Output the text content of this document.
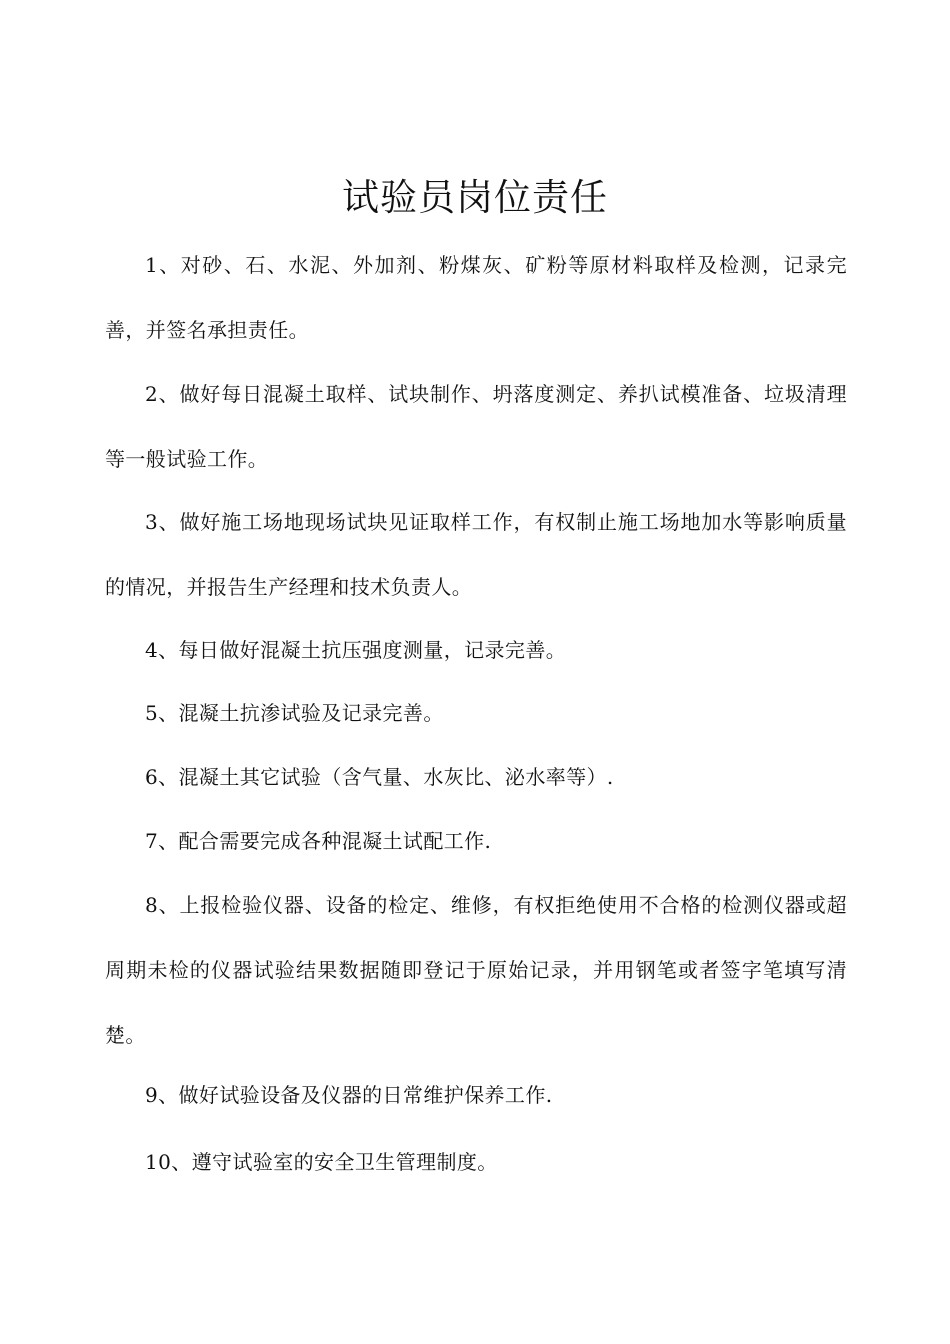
试验员岗位责任

1、对砂、石、水泥、外加剂、粉煤灰、矿粉等原材料取样及检测，记录完善，并签名承担责任。

2、做好每日混凝土取样、试块制作、坍落度测定、养扒试模准备、垃圾清理等一般试验工作。

3、做好施工场地现场试块见证取样工作，有权制止施工场地加水等影响质量的情况，并报告生产经理和技术负责人。

4、每日做好混凝土抗压强度测量，记录完善。

5、混凝土抗渗试验及记录完善。

6、混凝土其它试验（含气量、水灰比、泌水率等）.

7、配合需要完成各种混凝土试配工作.

8、上报检验仪器、设备的检定、维修，有权拒绝使用不合格的检测仪器或超周期未检的仪器试验结果数据随即登记于原始记录，并用钢笔或者签字笔填写清楚。

9、做好试验设备及仪器的日常维护保养工作.

10、遵守试验室的安全卫生管理制度。
